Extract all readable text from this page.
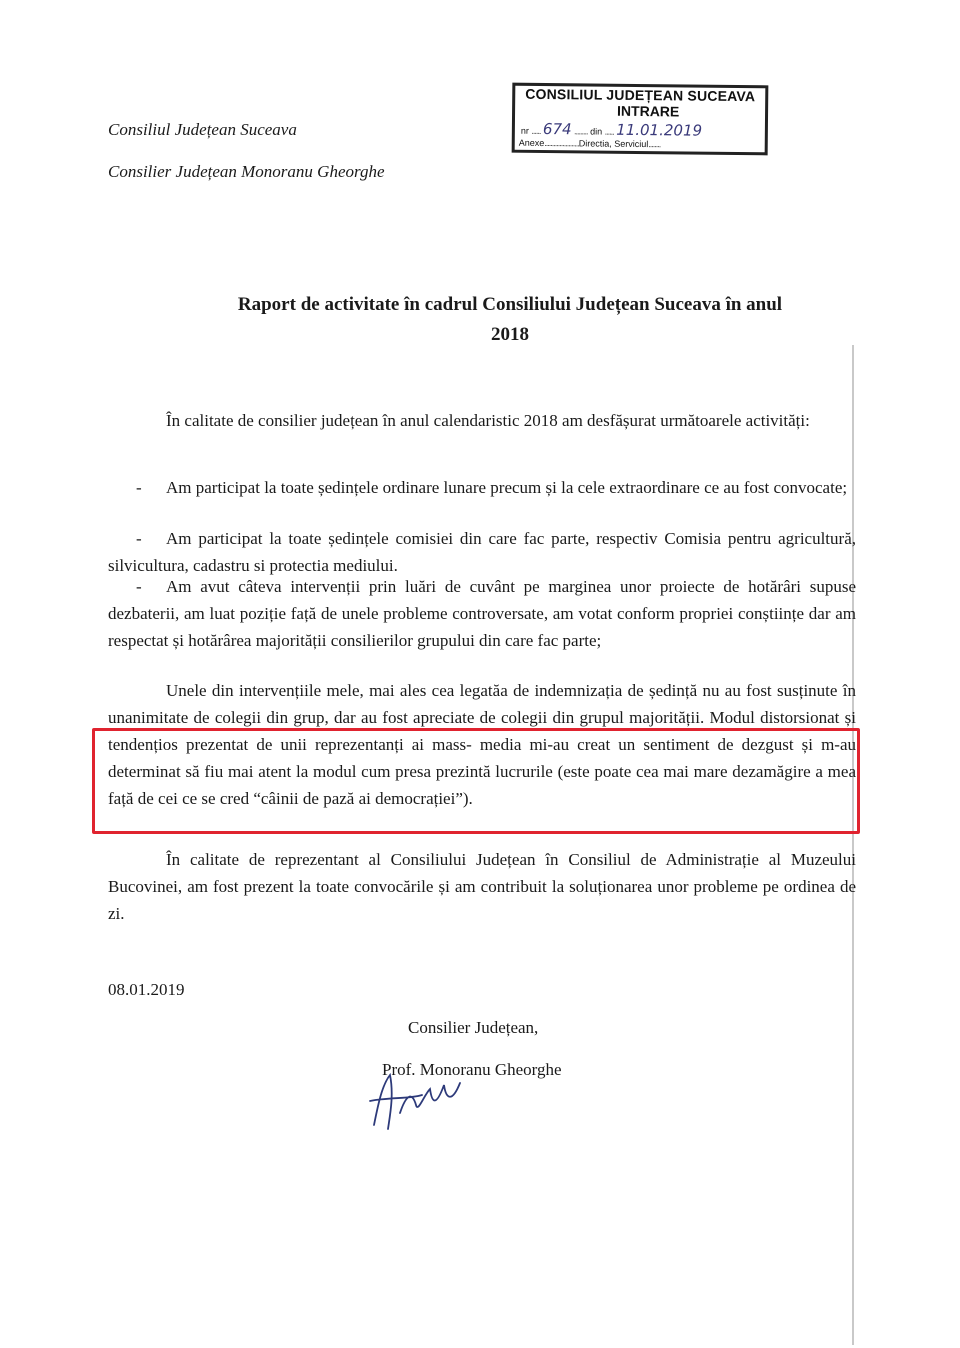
Consiliul Județean Suceava
Consilier Județean Monoranu Gheorghe
CONSILIUL JUDEȚEAN SUCEAVA
INTRARE
nr ...... 674 ......... din ...... 11.01.2019
Anexe.......................Directia, Serviciul........
Raport de activitate în cadrul Consiliului Județean Suceava în anul
2018
În calitate de consilier județean în anul calendaristic 2018 am desfășurat următoarele activități:
-	Am participat la toate ședințele ordinare lunare precum și la cele extraordinare ce au fost convocate;
-	Am participat la toate ședințele comisiei din care fac parte, respectiv Comisia pentru agricultură, silvicultura, cadastru si protectia mediului.
-	Am avut câteva intervenții prin luări de cuvânt pe marginea unor proiecte de hotărâri supuse dezbaterii, am luat poziție față de unele probleme controversate, am votat conform propriei conștiințe dar am respectat și hotărârea majorității consilierilor grupului din care fac parte;
Unele din intervențiile mele, mai ales cea legatăa de indemnizația de ședință nu au fost susținute în unanimitate de colegii din grup, dar au fost apreciate de colegii din grupul majorității. Modul distorsionat și tendențios prezentat de unii reprezentanți ai mass- media mi-au creat un sentiment de dezgust și m-au determinat să fiu mai atent la modul cum presa prezintă lucrurile (este poate cea mai mare dezamăgire a mea față de cei ce se cred “câinii de pază ai democrației”).
În calitate de reprezentant al Consiliului Județean în Consiliul de Administrație al Muzeului Bucovinei, am fost prezent la toate convocările și am contribuit la soluționarea unor probleme pe ordinea de zi.
08.01.2019
Consilier Județean,
Prof. Monoranu Gheorghe
